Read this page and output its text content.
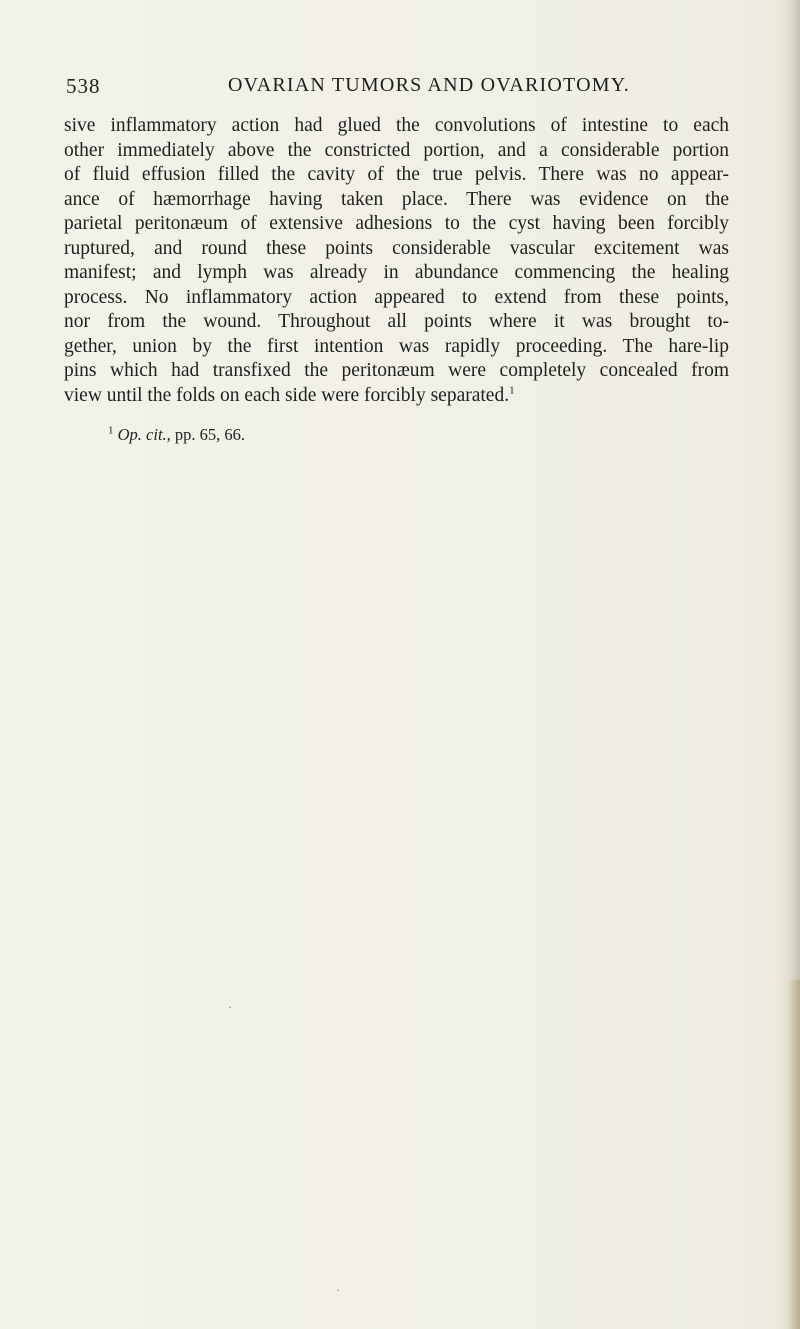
538	OVARIAN TUMORS AND OVARIOTOMY.
sive inflammatory action had glued the convolutions of intestine to each
other immediately above the constricted portion, and a considerable portion
of fluid effusion filled the cavity of the true pelvis. There was no appear-
ance of hæmorrhage having taken place. There was evidence on the
parietal peritonæum of extensive adhesions to the cyst having been forcibly
ruptured, and round these points considerable vascular excitement was
manifest; and lymph was already in abundance commencing the healing
process. No inflammatory action appeared to extend from these points,
nor from the wound. Throughout all points where it was brought to-
gether, union by the first intention was rapidly proceeding. The hare-lip
pins which had transfixed the peritonæum were completely concealed from
view until the folds on each side were forcibly separated.$^1$
$^1$ Op. cit., pp. 65, 66.
·
·
